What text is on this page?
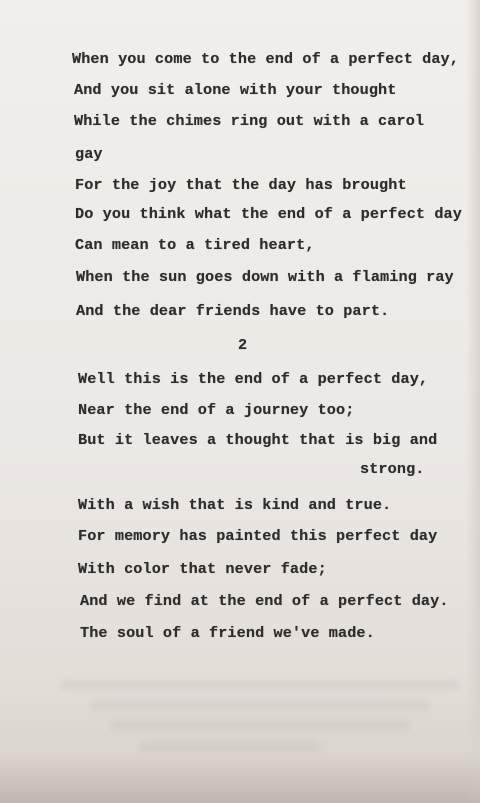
When you come to the end of a perfect day,
And you sit alone with your thought
While the chimes ring out with a carol
gay
For the joy that the day has brought
Do you think what the end of a perfect day
Can mean to a tired heart,
When the sun goes down with a flaming ray
And the dear friends have to part.
2
Well this is the end of a perfect day,
Near the end of a journey too;
But it leaves a thought that is big and
strong.
With a wish that is kind and true.
For memory has painted this perfect day
With color that never fade;
And we find at the end of a perfect day.
The soul of a friend we've made.
